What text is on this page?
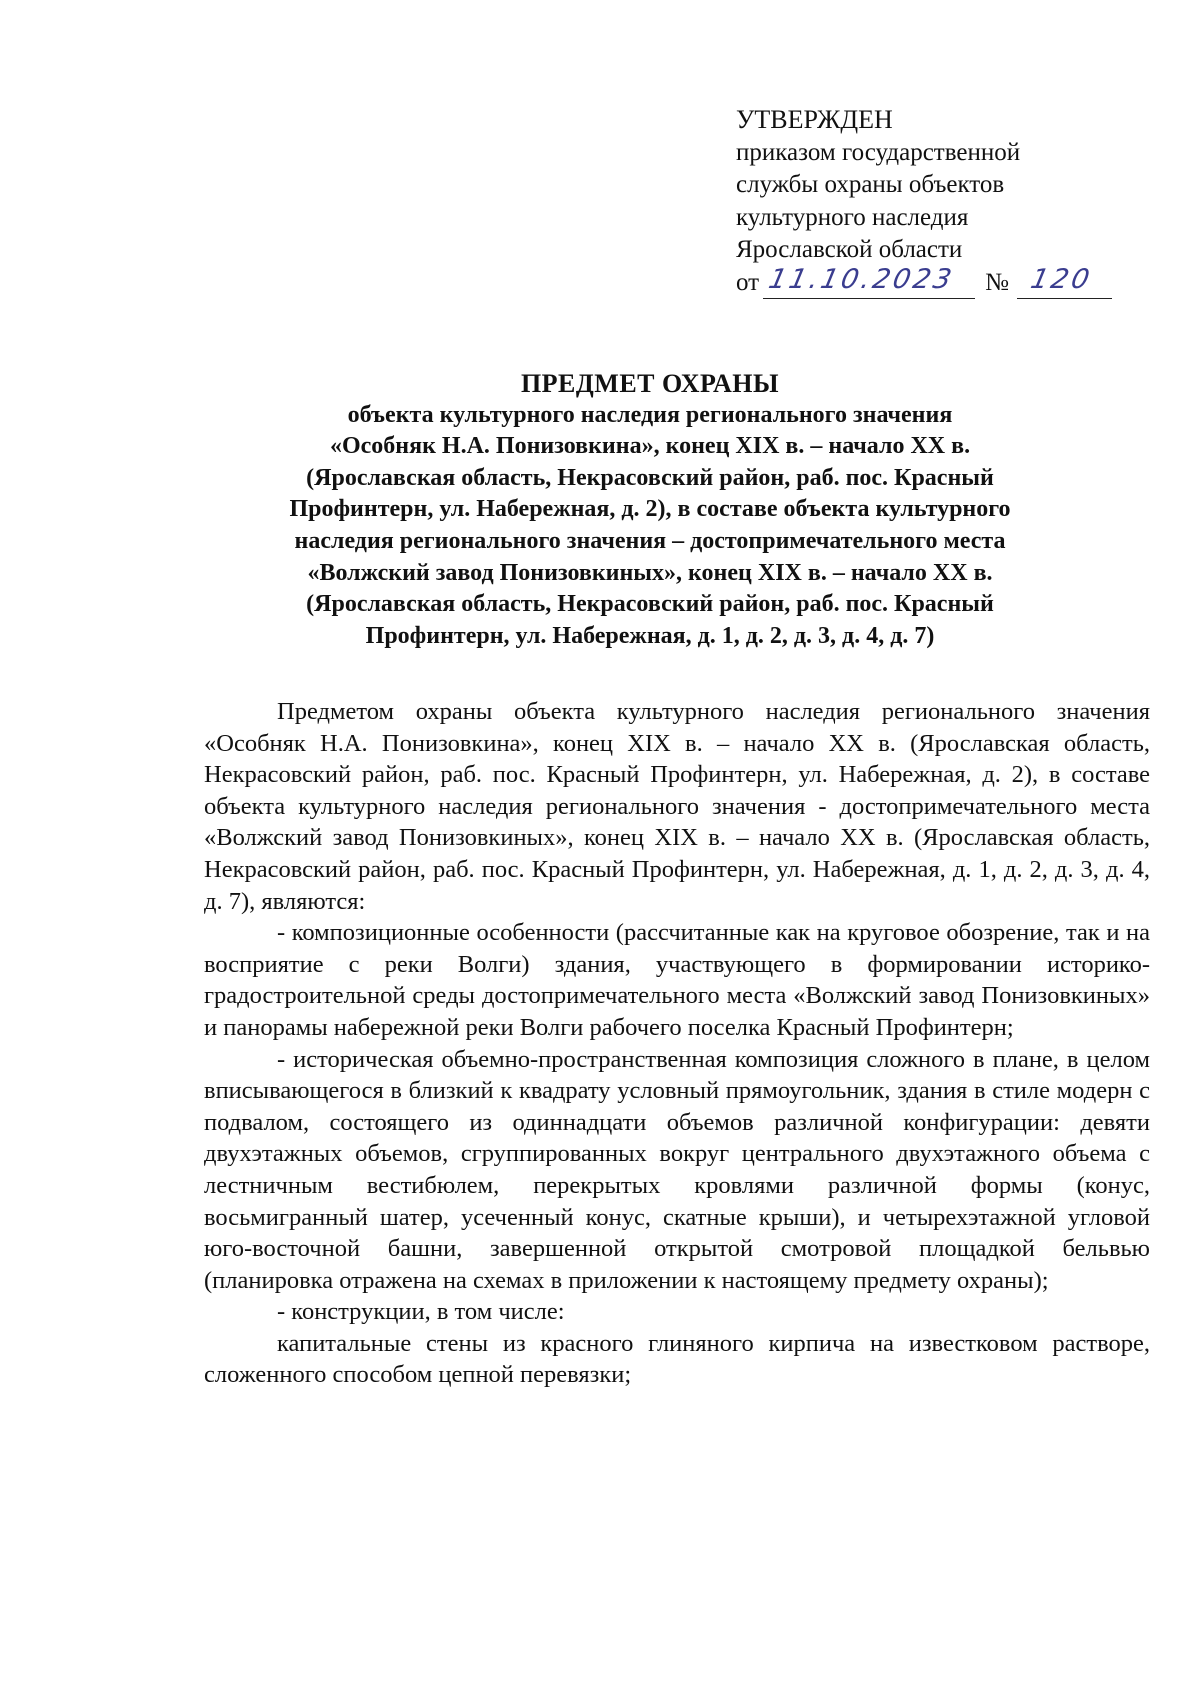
УТВЕРЖДЕН
приказом государственной
службы охраны объектов
культурного наследия
Ярославской области
от 11.10.2023 № 120
ПРЕДМЕТ ОХРАНЫ
объекта культурного наследия регионального значения
«Особняк Н.А. Понизовкина», конец XIX в. – начало XX в.
(Ярославская область, Некрасовский район, раб. пос. Красный
Профинтерн, ул. Набережная, д. 2), в составе объекта культурного
наследия регионального значения – достопримечательного места
«Волжский завод Понизовкиных», конец XIX в. – начало XX в.
(Ярославская область, Некрасовский район, раб. пос. Красный
Профинтерн, ул. Набережная, д. 1, д. 2, д. 3, д. 4, д. 7)

Предметом охраны объекта культурного наследия регионального значения «Особняк Н.А. Понизовкина», конец XIX в. – начало XX в. (Ярославская область, Некрасовский район, раб. пос. Красный Профинтерн, ул. Набережная, д. 2), в составе объекта культурного наследия регионального значения - достопримечательного места «Волжский завод Понизовкиных», конец XIX в. – начало XX в. (Ярославская область, Некрасовский район, раб. пос. Красный Профинтерн, ул. Набережная, д. 1, д. 2, д. 3, д. 4, д. 7), являются:

- композиционные особенности (рассчитанные как на круговое обозрение, так и на восприятие с реки Волги) здания, участвующего в формировании историко-градостроительной среды достопримечательного места «Волжский завод Понизовкиных» и панорамы набережной реки Волги рабочего поселка Красный Профинтерн;

- историческая объемно-пространственная композиция сложного в плане, в целом вписывающегося в близкий к квадрату условный прямоугольник, здания в стиле модерн с подвалом, состоящего из одиннадцати объемов различной конфигурации: девяти двухэтажных объемов, сгруппированных вокруг центрального двухэтажного объема с лестничным вестибюлем, перекрытых кровлями различной формы (конус, восьмигранный шатер, усеченный конус, скатные крыши), и четырехэтажной угловой юго-восточной башни, завершенной открытой смотровой площадкой бельвью (планировка отражена на схемах в приложении к настоящему предмету охраны);

- конструкции, в том числе:

капитальные стены из красного глиняного кирпича на известковом растворе, сложенного способом цепной перевязки;
